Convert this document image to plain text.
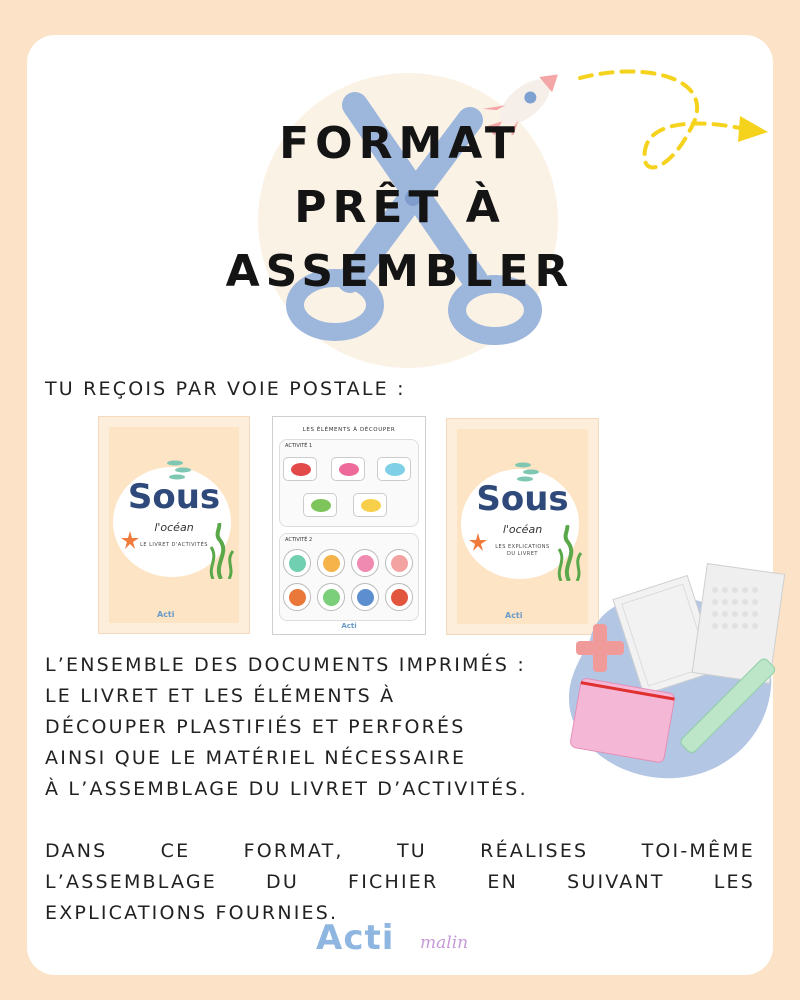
FORMAT
PRÊT À
ASSEMBLER
TU REÇOIS PAR VOIE POSTALE :
Sous
l'océan
LE LIVRET D'ACTIVITÉS
Acti
LES ÉLÉMENTS À DÉCOUPER
ACTIVITÉ 1
ACTIVITÉ 2
Acti
Sous
l'océan
LES EXPLICATIONS
DU LIVRET
Acti
L’ENSEMBLE DES DOCUMENTS IMPRIMÉS :
LE LIVRET ET LES ÉLÉMENTS À
DÉCOUPER PLASTIFIÉS ET PERFORÉS
AINSI QUE LE MATÉRIEL NÉCESSAIRE
À L’ASSEMBLAGE DU LIVRET D’ACTIVITÉS.
DANS CE FORMAT, TU RÉALISES TOI-MÊME
L’ASSEMBLAGE DU FICHIER EN SUIVANT LES
EXPLICATIONS FOURNIES.
Acti malin
